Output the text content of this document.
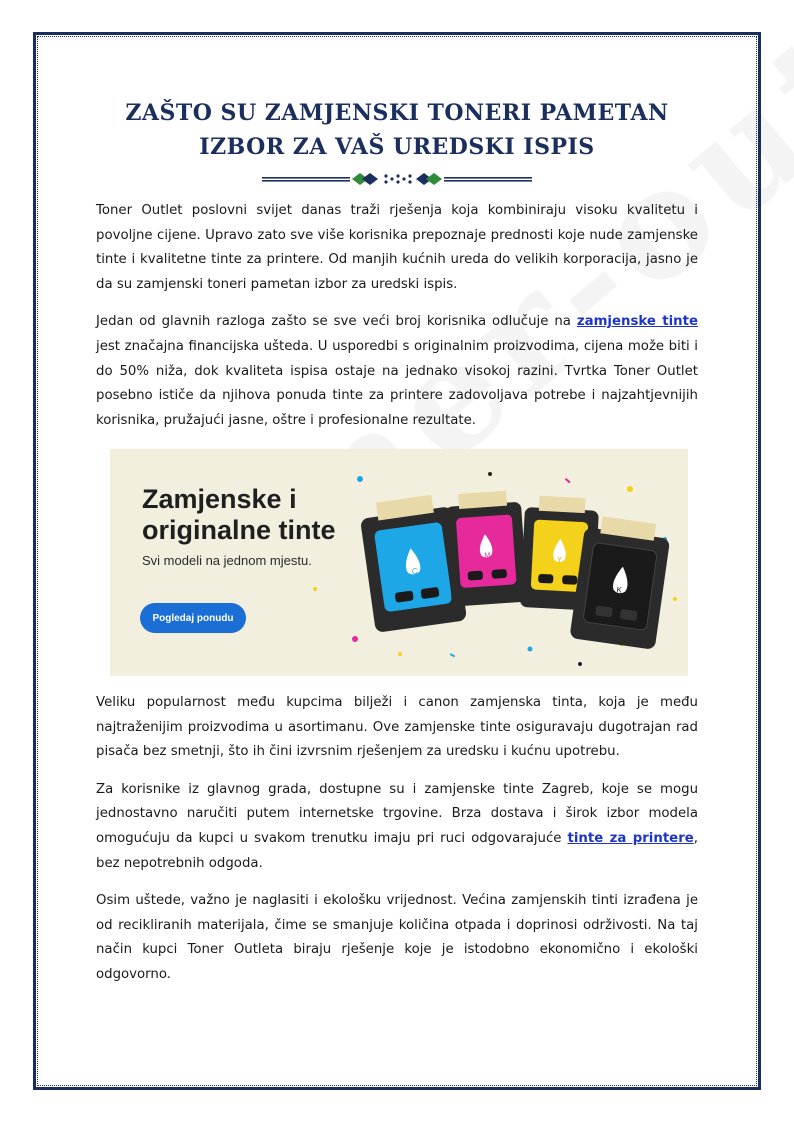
ZAŠTO SU ZAMJENSKI TONERI PAMETAN
IZBOR ZA VAŠ UREDSKI ISPIS

Toner Outlet poslovni svijet danas traži rješenja koja kombiniraju visoku kvalitetu i povoljne cijene. Upravo zato sve više korisnika prepoznaje prednosti koje nude zamjenske tinte i kvalitetne tinte za printere. Od manjih kućnih ureda do velikih korporacija, jasno je da su zamjenski toneri pametan izbor za uredski ispis.

Jedan od glavnih razloga zašto se sve veći broj korisnika odlučuje na zamjenske tinte jest značajna financijska ušteda. U usporedbi s originalnim proizvodima, cijena može biti i do 50% niža, dok kvaliteta ispisa ostaje na jednako visokoj razini. Tvrtka Toner Outlet posebno ističe da njihova ponuda tinte za printere zadovoljava potrebe i najzahtjevnijih korisnika, pružajući jasne, oštre i profesionalne rezultate.

Zamjenske i
originalne tinte
Svi modeli na jednom mjestu.
Pogledaj ponudu
C
M
Y
K

Veliku popularnost među kupcima bilježi i canon zamjenska tinta, koja je među najtraženijim proizvodima u asortimanu. Ove zamjenske tinte osiguravaju dugotrajan rad pisača bez smetnji, što ih čini izvrsnim rješenjem za uredsku i kućnu upotrebu.

Za korisnike iz glavnog grada, dostupne su i zamjenske tinte Zagreb, koje se mogu jednostavno naručiti putem internetske trgovine. Brza dostava i širok izbor modela omogućuju da kupci u svakom trenutku imaju pri ruci odgovarajuće tinte za printere, bez nepotrebnih odgoda.

Osim uštede, važno je naglasiti i ekološku vrijednost. Većina zamjenskih tinti izrađena je od recikliranih materijala, čime se smanjuje količina otpada i doprinosi održivosti. Na taj način kupci Toner Outleta biraju rješenje koje je istodobno ekonomično i ekološki odgovorno.
